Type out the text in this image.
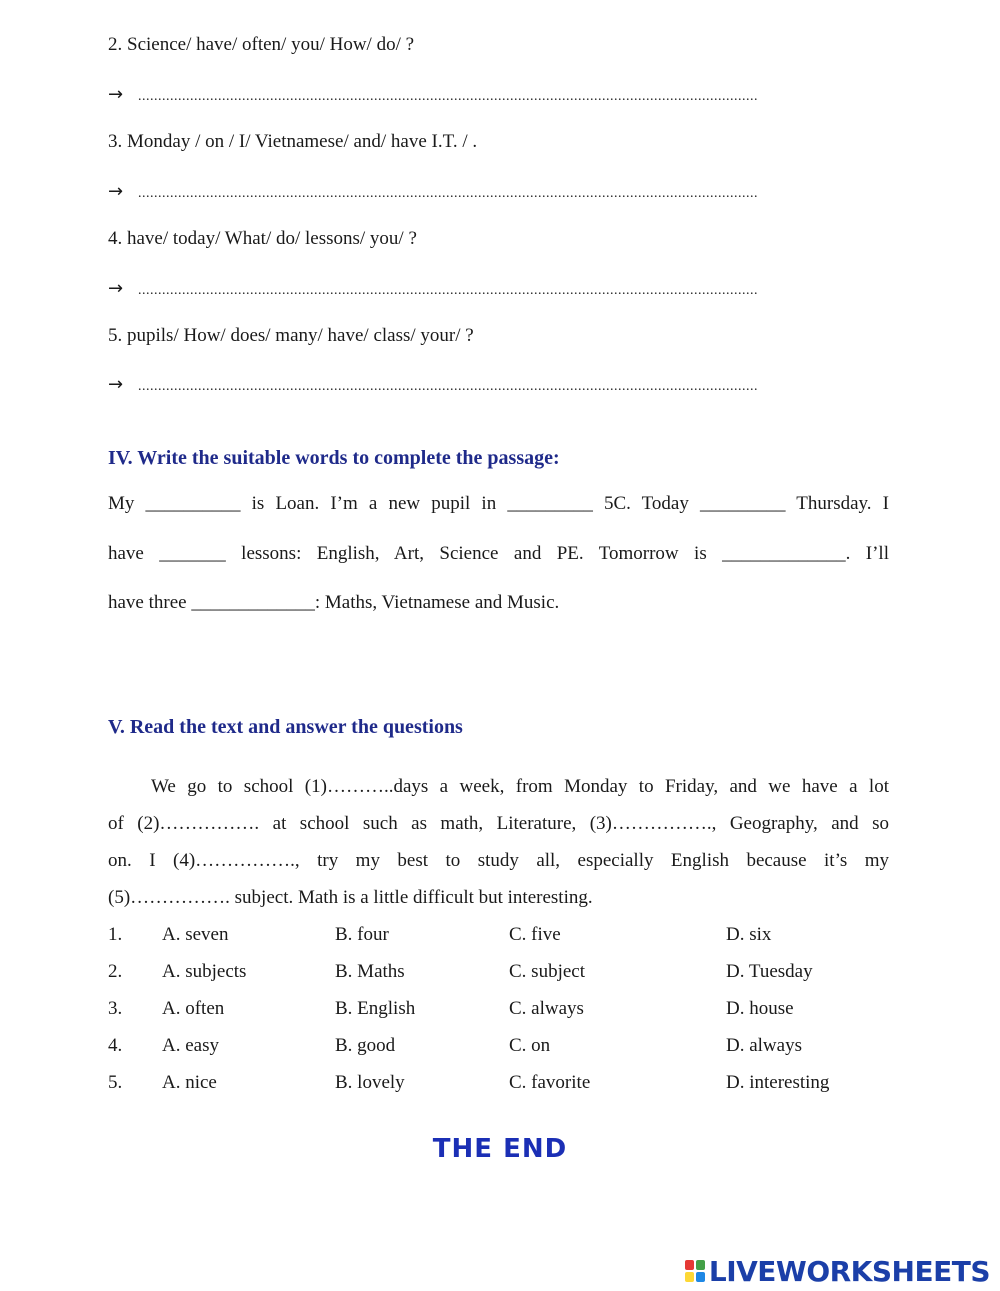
2. Science/ have/ often/ you/ How/ do/ ?
→	...........................................................................................................................................................
3. Monday / on / I/ Vietnamese/ and/ have I.T. / .
→	...........................................................................................................................................................
4. have/ today/ What/ do/ lessons/ you/ ?
→	...........................................................................................................................................................
5. pupils/ How/ does/ many/ have/ class/ your/ ?
→	...........................................................................................................................................................
IV. Write the suitable words to complete the passage:
My __________ is Loan. I’m a new pupil in _________ 5C. Today _________ Thursday. I
have _______ lessons: English, Art, Science and PE. Tomorrow is _____________. I’ll
have three _____________: Maths, Vietnamese and Music.
V. Read the text and answer the questions
We go to school (1)………..days a week, from Monday to Friday, and we have a lot
of (2)……………. at school such as math, Literature, (3)……………., Geography, and so
on. I (4)……………., try my best to study all, especially English because it’s my
(5)……………. subject. Math is a little difficult but interesting.
1. A. seven	B. four	C. five	D. six
2. A. subjects	B. Maths	C. subject	D. Tuesday
3. A. often	B. English	C. always	D. house
4. A. easy	B. good	C. on	D. always
5. A. nice	B. lovely	C. favorite	D. interesting
THE END
LIVEWORKSHEETS
